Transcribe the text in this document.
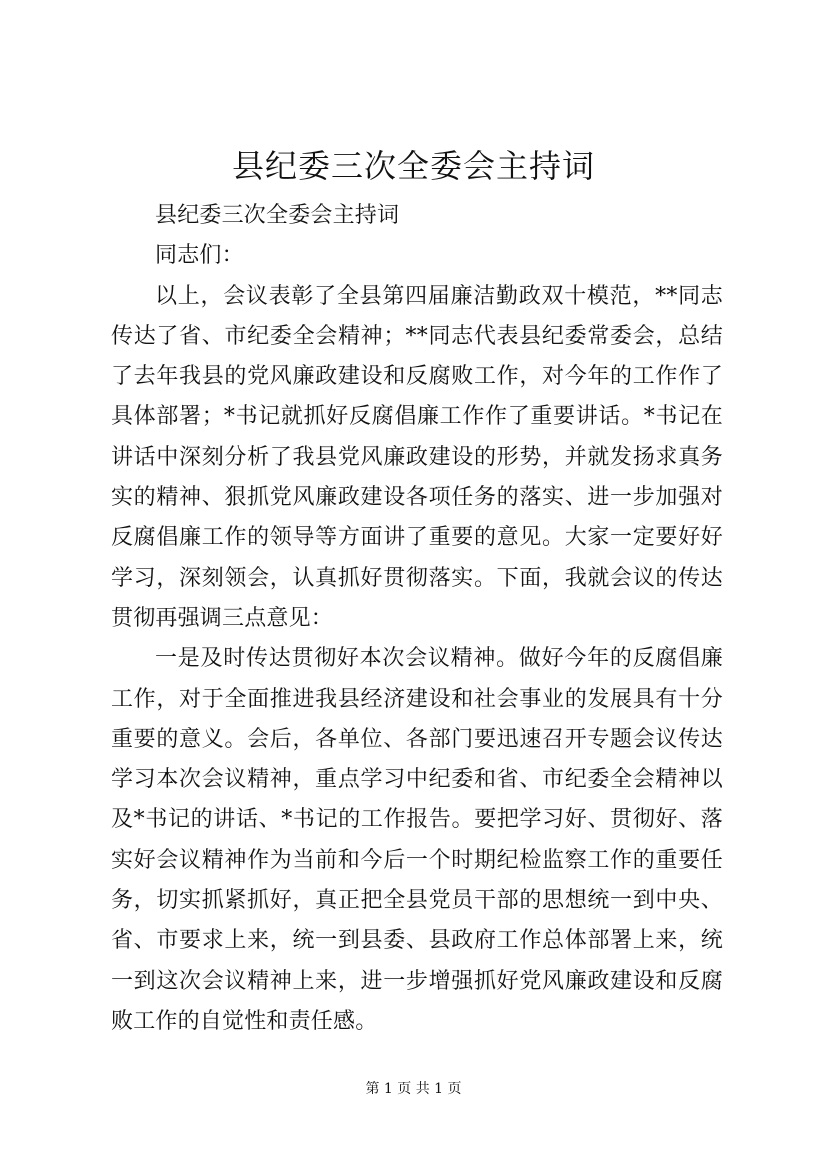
县纪委三次全委会主持词

县纪委三次全委会主持词

同志们：

以上，会议表彰了全县第四届廉洁勤政双十模范，**同志传达了省、市纪委全会精神；**同志代表县纪委常委会，总结了去年我县的党风廉政建设和反腐败工作，对今年的工作作了具体部署；*书记就抓好反腐倡廉工作作了重要讲话。*书记在讲话中深刻分析了我县党风廉政建设的形势，并就发扬求真务实的精神、狠抓党风廉政建设各项任务的落实、进一步加强对反腐倡廉工作的领导等方面讲了重要的意见。大家一定要好好学习，深刻领会，认真抓好贯彻落实。下面，我就会议的传达贯彻再强调三点意见：

一是及时传达贯彻好本次会议精神。做好今年的反腐倡廉工作，对于全面推进我县经济建设和社会事业的发展具有十分重要的意义。会后，各单位、各部门要迅速召开专题会议传达学习本次会议精神，重点学习中纪委和省、市纪委全会精神以及*书记的讲话、*书记的工作报告。要把学习好、贯彻好、落实好会议精神作为当前和今后一个时期纪检监察工作的重要任务，切实抓紧抓好，真正把全县党员干部的思想统一到中央、省、市要求上来，统一到县委、县政府工作总体部署上来，统一到这次会议精神上来，进一步增强抓好党风廉政建设和反腐败工作的自觉性和责任感。

第 1 页 共 1 页
